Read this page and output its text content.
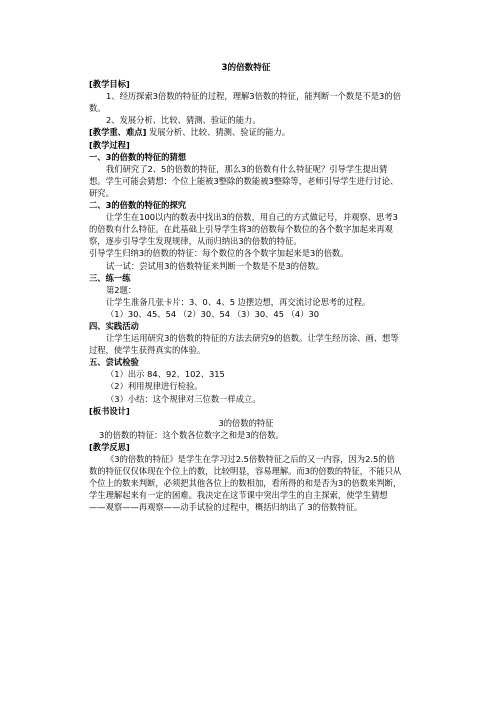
3的倍数特征

[教学目标]

1、经历探索3倍数的特征的过程，理解3倍数的特征，能判断一个数是不是3的倍数。

2、发展分析、比较、猜测、验证的能力。

[教学重、难点] 发展分析、比较、猜测、验证的能力。

[教学过程]

一、3的倍数的特征的猜想

我们研究了2、5的倍数的特征，那么3的倍数有什么特征呢？引导学生提出猜想。学生可能会猜想：个位上能被3整除的数能被3整除等，老师引导学生进行讨论、研究。

二、3的倍数的特征的探究

让学生在100以内的数表中找出3的倍数，用自己的方式做记号，并观察、思考3的倍数有什么特征。在此基础上引导学生将3的倍数每个数位的各个数字加起来再观察，逐步引导学生发现规律，从而归纳出3的倍数的特征。

引导学生归纳3的倍数的特征：每个数位的各个数字加起来是3的倍数。

试一试：尝试用3的倍数特征来判断一个数是不是3的倍数。

三、练一练

第2题：

让学生准备几张卡片：3、0、4、5 边摆边想，再交流讨论思考的过程。

（1）30、45、54 （2）30、54 （3）30、45 （4）30

四、实践活动

让学生运用研究3的倍数的特征的方法去研究9的倍数。让学生经历涂、画、想等过程，使学生获得真实的体验。

五、尝试检验

（1）出示 84、92、102、315

（2）利用规律进行检验。

（3）小结：这个规律对三位数一样成立。

[板书设计]

3的倍数的特征

3的倍数的特征：这个数各位数字之和是3的倍数。

[教学反思]

《3的倍数的特征》是学生在学习过2.5倍数特征之后的又一内容，因为2.5的倍数的特征仅仅体现在个位上的数，比较明显，容易理解。而3的倍数的特征，不能只从个位上的数来判断，必须把其他各位上的数相加，看所得的和是否为3的倍数来判断，学生理解起来有一定的困难。我决定在这节课中突出学生的自主探索，使学生猜想——观察——再观察——动手试验的过程中，概括归纳出了 3的倍数特征。
